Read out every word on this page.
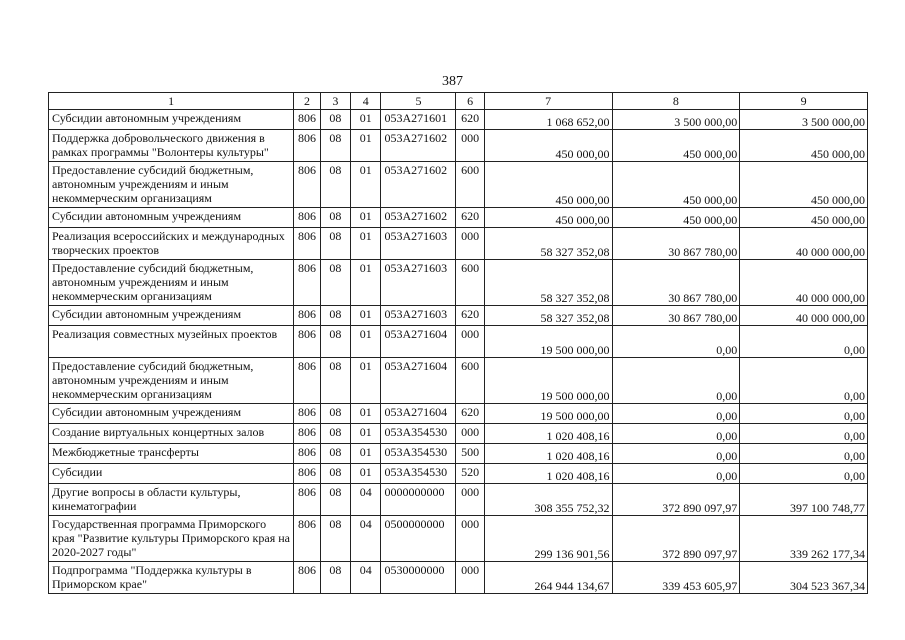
387
1	2	3	4	5	6	7	8	9
Субсидии автономным учреждениям	806	08	01	053A271601	620	1 068 652,00	3 500 000,00	3 500 000,00
Поддержка добровольческого движения в рамках программы "Волонтеры культуры"	806	08	01	053A271602	000	450 000,00	450 000,00	450 000,00
Предоставление субсидий бюджетным, автономным учреждениям и иным некоммерческим организациям	806	08	01	053A271602	600	450 000,00	450 000,00	450 000,00
Субсидии автономным учреждениям	806	08	01	053A271602	620	450 000,00	450 000,00	450 000,00
Реализация всероссийских и международных творческих проектов	806	08	01	053A271603	000	58 327 352,08	30 867 780,00	40 000 000,00
Предоставление субсидий бюджетным, автономным учреждениям и иным некоммерческим организациям	806	08	01	053A271603	600	58 327 352,08	30 867 780,00	40 000 000,00
Субсидии автономным учреждениям	806	08	01	053A271603	620	58 327 352,08	30 867 780,00	40 000 000,00
Реализация совместных музейных проектов	806	08	01	053A271604	000	19 500 000,00	0,00	0,00
Предоставление субсидий бюджетным, автономным учреждениям и иным некоммерческим организациям	806	08	01	053A271604	600	19 500 000,00	0,00	0,00
Субсидии автономным учреждениям	806	08	01	053A271604	620	19 500 000,00	0,00	0,00
Создание виртуальных концертных залов	806	08	01	053A354530	000	1 020 408,16	0,00	0,00
Межбюджетные трансферты	806	08	01	053A354530	500	1 020 408,16	0,00	0,00
Субсидии	806	08	01	053A354530	520	1 020 408,16	0,00	0,00
Другие вопросы в области культуры, кинематографии	806	08	04	0000000000	000	308 355 752,32	372 890 097,97	397 100 748,77
Государственная программа Приморского края "Развитие культуры Приморского края на 2020-2027 годы"	806	08	04	0500000000	000	299 136 901,56	372 890 097,97	339 262 177,34
Подпрограмма "Поддержка культуры в Приморском крае"	806	08	04	0530000000	000	264 944 134,67	339 453 605,97	304 523 367,34
